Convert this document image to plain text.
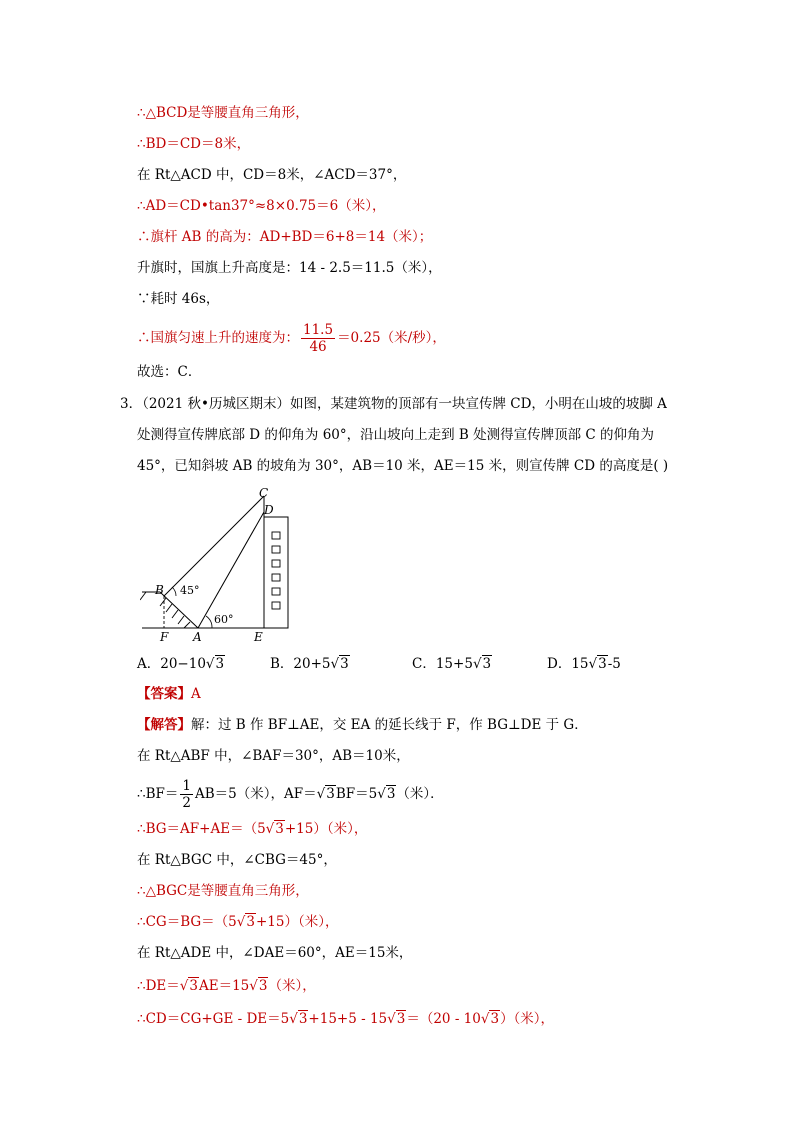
∴△BCD是等腰直角三角形，
∴BD＝CD＝8米，
在 Rt△ACD 中，CD＝8米，∠ACD＝37°，
∴AD＝CD•tan37°≈8×0.75＝6（米），
∴旗杆 AB 的高为：AD+BD＝6+8＝14（米）；
升旗时，国旗上升高度是：14 - 2.5＝11.5（米），
∵耗时 46s，
∴国旗匀速上升的速度为： $\frac{11.5}{46} =0.25$（米/秒），
故选：C．
3．（2021 秋•历城区期末）如图，某建筑物的顶部有一块宣传牌 CD，小明在山坡的坡脚 A
处测得宣传牌底部 D 的仰角为 60°，沿山坡向上走到 B 处测得宣传牌顶部 C 的仰角为
45°，已知斜坡 AB 的坡角为 30°，AB＝10 米，AE＝15 米，则宣传牌 CD 的高度是( )
C
D
B
F A	E
45°
60°
A．20−10√3	B．20+5√3	C．15+5√3	D．15√3-5
【答案】A
【解答】解：过 B 作 BF⊥AE，交 EA 的延长线于 F，作 BG⊥DE 于 G．
在 Rt△ABF 中，∠BAF＝30°，AB＝10米，
∴BF＝ $\frac{1}{2} AB=5$（米），AF＝√3BF＝5√3（米）．
∴BG＝AF+AE＝（5√3+15）（米），
在 Rt△BGC 中，∠CBG＝45°，
∴△BGC是等腰直角三角形，
∴CG＝BG＝（5√3+15）（米），
在 Rt△ADE 中，∠DAE＝60°，AE＝15米，
∴DE＝√3AE＝15√3（米），
∴CD＝CG+GE - DE＝5√3+15+5 - 15√3＝（20 - 10√3）（米），
